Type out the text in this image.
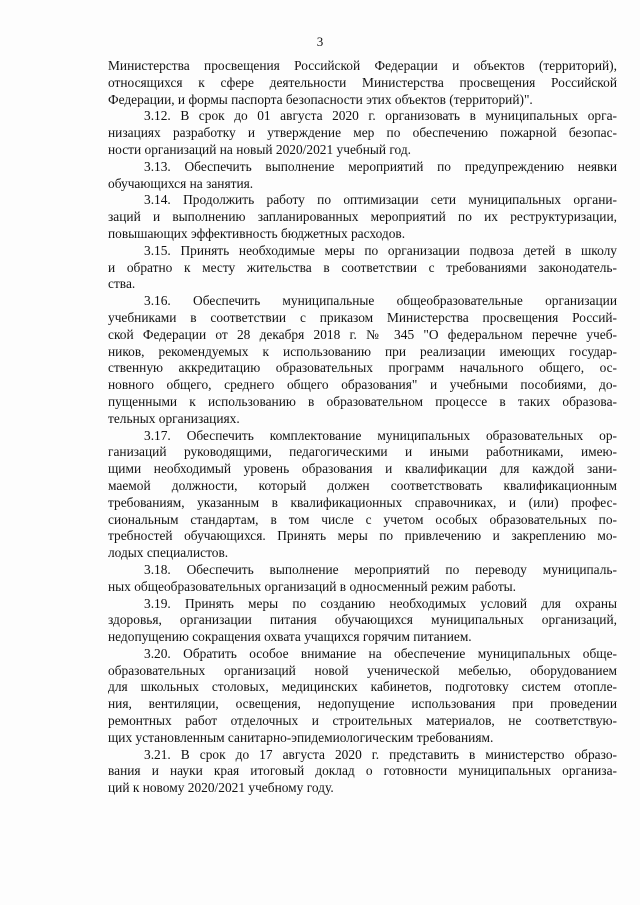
3
Министерства просвещения Российской Федерации и объектов (территорий),
относящихся к сфере деятельности Министерства просвещения Российской
Федерации, и формы паспорта безопасности этих объектов (территорий)".
3.12. В срок до 01 августа 2020 г. организовать в муниципальных орга-
низациях разработку и утверждение мер по обеспечению пожарной безопас-
ности организаций на новый 2020/2021 учебный год.
3.13. Обеспечить выполнение мероприятий по предупреждению неявки
обучающихся на занятия.
3.14. Продолжить работу по оптимизации сети муниципальных органи-
заций и выполнению запланированных мероприятий по их реструктуризации,
повышающих эффективность бюджетных расходов.
3.15. Принять необходимые меры по организации подвоза детей в школу
и обратно к месту жительства в соответствии с требованиями законодатель-
ства.
3.16. Обеспечить муниципальные общеобразовательные организации
учебниками в соответствии с приказом Министерства просвещения Россий-
ской Федерации от 28 декабря 2018 г. № 345 "О федеральном перечне учеб-
ников, рекомендуемых к использованию при реализации имеющих государ-
ственную аккредитацию образовательных программ начального общего, ос-
новного общего, среднего общего образования" и учебными пособиями, до-
пущенными к использованию в образовательном процессе в таких образова-
тельных организациях.
3.17. Обеспечить комплектование муниципальных образовательных ор-
ганизаций руководящими, педагогическими и иными работниками, имею-
щими необходимый уровень образования и квалификации для каждой зани-
маемой должности, который должен соответствовать квалификационным
требованиям, указанным в квалификационных справочниках, и (или) профес-
сиональным стандартам, в том числе с учетом особых образовательных по-
требностей обучающихся. Принять меры по привлечению и закреплению мо-
лодых специалистов.
3.18. Обеспечить выполнение мероприятий по переводу муниципаль-
ных общеобразовательных организаций в односменный режим работы.
3.19. Принять меры по созданию необходимых условий для охраны
здоровья, организации питания обучающихся муниципальных организаций,
недопущению сокращения охвата учащихся горячим питанием.
3.20. Обратить особое внимание на обеспечение муниципальных обще-
образовательных организаций новой ученической мебелью, оборудованием
для школьных столовых, медицинских кабинетов, подготовку систем отопле-
ния, вентиляции, освещения, недопущение использования при проведении
ремонтных работ отделочных и строительных материалов, не соответствую-
щих установленным санитарно-эпидемиологическим требованиям.
3.21. В срок до 17 августа 2020 г. представить в министерство образо-
вания и науки края итоговый доклад о готовности муниципальных организа-
ций к новому 2020/2021 учебному году.
